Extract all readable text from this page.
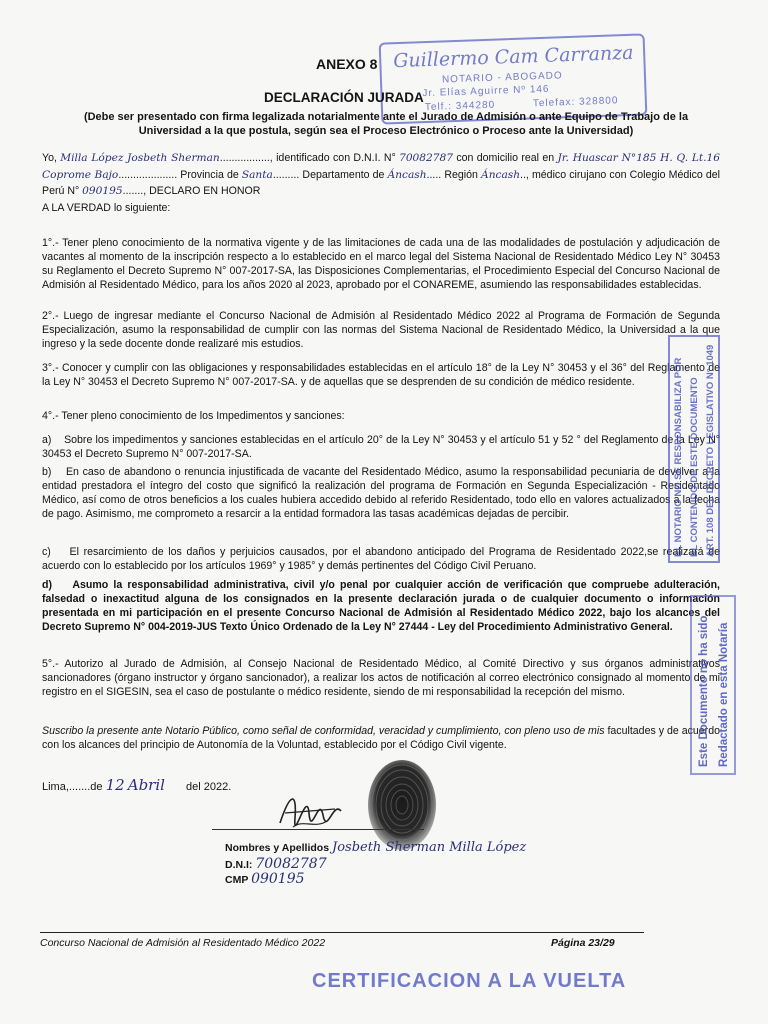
Guillermo Cam Carranza
NOTARIO - ABOGADO
Jr. Elías Aguirre Nº 146
Telf.: 344280	Telefax: 328800
ANEXO 8
DECLARACIÓN JURADA
(Debe ser presentado con firma legalizada notarialmente ante el Jurado de Admisión o ante Equipo de Trabajo de la
Universidad a la que postula, según sea el Proceso Electrónico o Proceso ante la Universidad)
Yo, Milla López Josbeth Sherman................., identificado con D.N.I. N° 70082787 con domicilio real en Jr. Huascar N°185 H. Q. Lt.16 Coprome Bajo.................... Provincia de Santa......... Departamento de Áncash..... Región Áncash.., médico cirujano con Colegio Médico del Perú N° 090195......., DECLARO EN HONOR
A LA VERDAD lo siguiente:
1°.- Tener pleno conocimiento de la normativa vigente y de las limitaciones de cada una de las modalidades de postulación y adjudicación de vacantes al momento de la inscripción respecto a lo establecido en el marco legal del Sistema Nacional de Residentado Médico Ley N° 30453 su Reglamento el Decreto Supremo N° 007-2017-SA, las Disposiciones Complementarias, el Procedimiento Especial del Concurso Nacional de Admisión al Residentado Médico, para los años 2020 al 2023, aprobado por el CONAREME, asumiendo las responsabilidades establecidas.
2°.- Luego de ingresar mediante el Concurso Nacional de Admisión al Residentado Médico 2022 al Programa de Formación de Segunda Especialización, asumo la responsabilidad de cumplir con las normas del Sistema Nacional de Residentado Médico, la Universidad a la que ingreso y la sede docente donde realizaré mis estudios.
3°.- Conocer y cumplir con las obligaciones y responsabilidades establecidas en el artículo 18° de la Ley N° 30453 y el 36° del Reglamento de la Ley N° 30453 el Decreto Supremo N° 007-2017-SA. y de aquellas que se desprenden de su condición de médico residente.
4°.- Tener pleno conocimiento de los Impedimentos y sanciones:
a) Sobre los impedimentos y sanciones establecidas en el artículo 20° de la Ley N° 30453 y el artículo 51 y 52 ° del Reglamento de la Ley N° 30453 el Decreto Supremo N° 007-2017-SA.
b) En caso de abandono o renuncia injustificada de vacante del Residentado Médico, asumo la responsabilidad pecuniaria de devolver a la entidad prestadora el íntegro del costo que significó la realización del programa de Formación en Segunda Especialización - Residentado Médico, así como de otros beneficios a los cuales hubiera accedido debido al referido Residentado, todo ello en valores actualizados a la fecha de pago. Asimismo, me comprometo a resarcir a la entidad formadora las tasas académicas dejadas de percibir.
c) El resarcimiento de los daños y perjuicios causados, por el abandono anticipado del Programa de Residentado 2022,se realizará de acuerdo con lo establecido por los artículos 1969° y 1985° y demás pertinentes del Código Civil Peruano.
d) Asumo la responsabilidad administrativa, civil y/o penal por cualquier acción de verificación que compruebe adulteración, falsedad o inexactitud alguna de los consignados en la presente declaración jurada o de cualquier documento o información presentada en mi participación en el presente Concurso Nacional de Admisión al Residentado Médico 2022, bajo los alcances del Decreto Supremo N° 004-2019-JUS Texto Único Ordenado de la Ley N° 27444 - Ley del Procedimiento Administrativo General.
5°.- Autorizo al Jurado de Admisión, al Consejo Nacional de Residentado Médico, al Comité Directivo y sus órganos administrativos sancionadores (órgano instructor y órgano sancionador), a realizar los actos de notificación al correo electrónico consignado al momento de mi registro en el SIGESIN, sea el caso de postulante o médico residente, siendo de mi responsabilidad la recepción del mismo.
Suscribo la presente ante Notario Público, como señal de conformidad, veracidad y cumplimiento, con pleno uso de mis facultades y de acuerdo con los alcances del principio de Autonomía de la Voluntad, establecido por el Código Civil vigente.
Lima,.......de 12 Abril del 2022.
Nombres y Apellidos Josbeth Sherman Milla López
D.N.I: 70082787
CMP 090195
EL NOTARIO NO SE RESPONSABILIZA POR EL CONTENIDO DE ESTE DOCUMENTO ART. 108 DEL DECRETO LEGISLATIVO N° 1049
Este Documento no ha sido Redactado en esta Notaría
Concurso Nacional de Admisión al Residentado Médico 2022	Página 23/29
CERTIFICACION A LA VUELTA
